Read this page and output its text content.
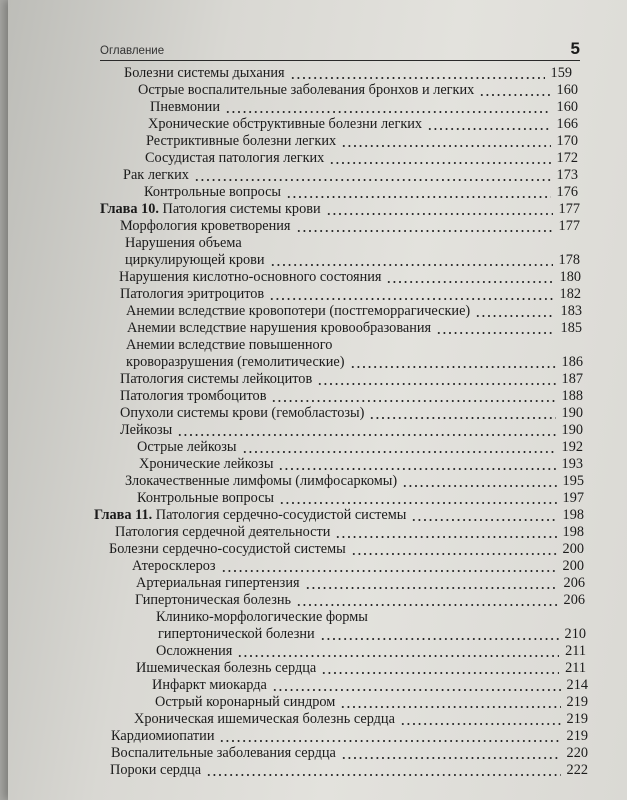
Оглавление	5
Болезни системы дыхания	159
Острые воспалительные заболевания бронхов и легких	160
Пневмонии	160
Хронические обструктивные болезни легких	166
Рестриктивные болезни легких	170
Сосудистая патология легких	172
Рак легких	173
Контрольные вопросы	176
Глава 10. Патология системы крови	177
Морфология кроветворения	177
Нарушения объема
циркулирующей крови	178
Нарушения кислотно-основного состояния	180
Патология эритроцитов	182
Анемии вследствие кровопотери (постгеморрагические)	183
Анемии вследствие нарушения кровообразования	185
Анемии вследствие повышенного
кроворазрушения (гемолитические)	186
Патология системы лейкоцитов	187
Патология тромбоцитов	188
Опухоли системы крови (гемобластозы)	190
Лейкозы	190
Острые лейкозы	192
Хронические лейкозы	193
Злокачественные лимфомы (лимфосаркомы)	195
Контрольные вопросы	197
Глава 11. Патология сердечно-сосудистой системы	198
Патология сердечной деятельности	198
Болезни сердечно-сосудистой системы	200
Атеросклероз	200
Артериальная гипертензия	206
Гипертоническая болезнь	206
Клинико-морфологические формы
гипертонической болезни	210
Осложнения	211
Ишемическая болезнь сердца	211
Инфаркт миокарда	214
Острый коронарный синдром	219
Хроническая ишемическая болезнь сердца	219
Кардиомиопатии	219
Воспалительные заболевания сердца	220
Пороки сердца	222
